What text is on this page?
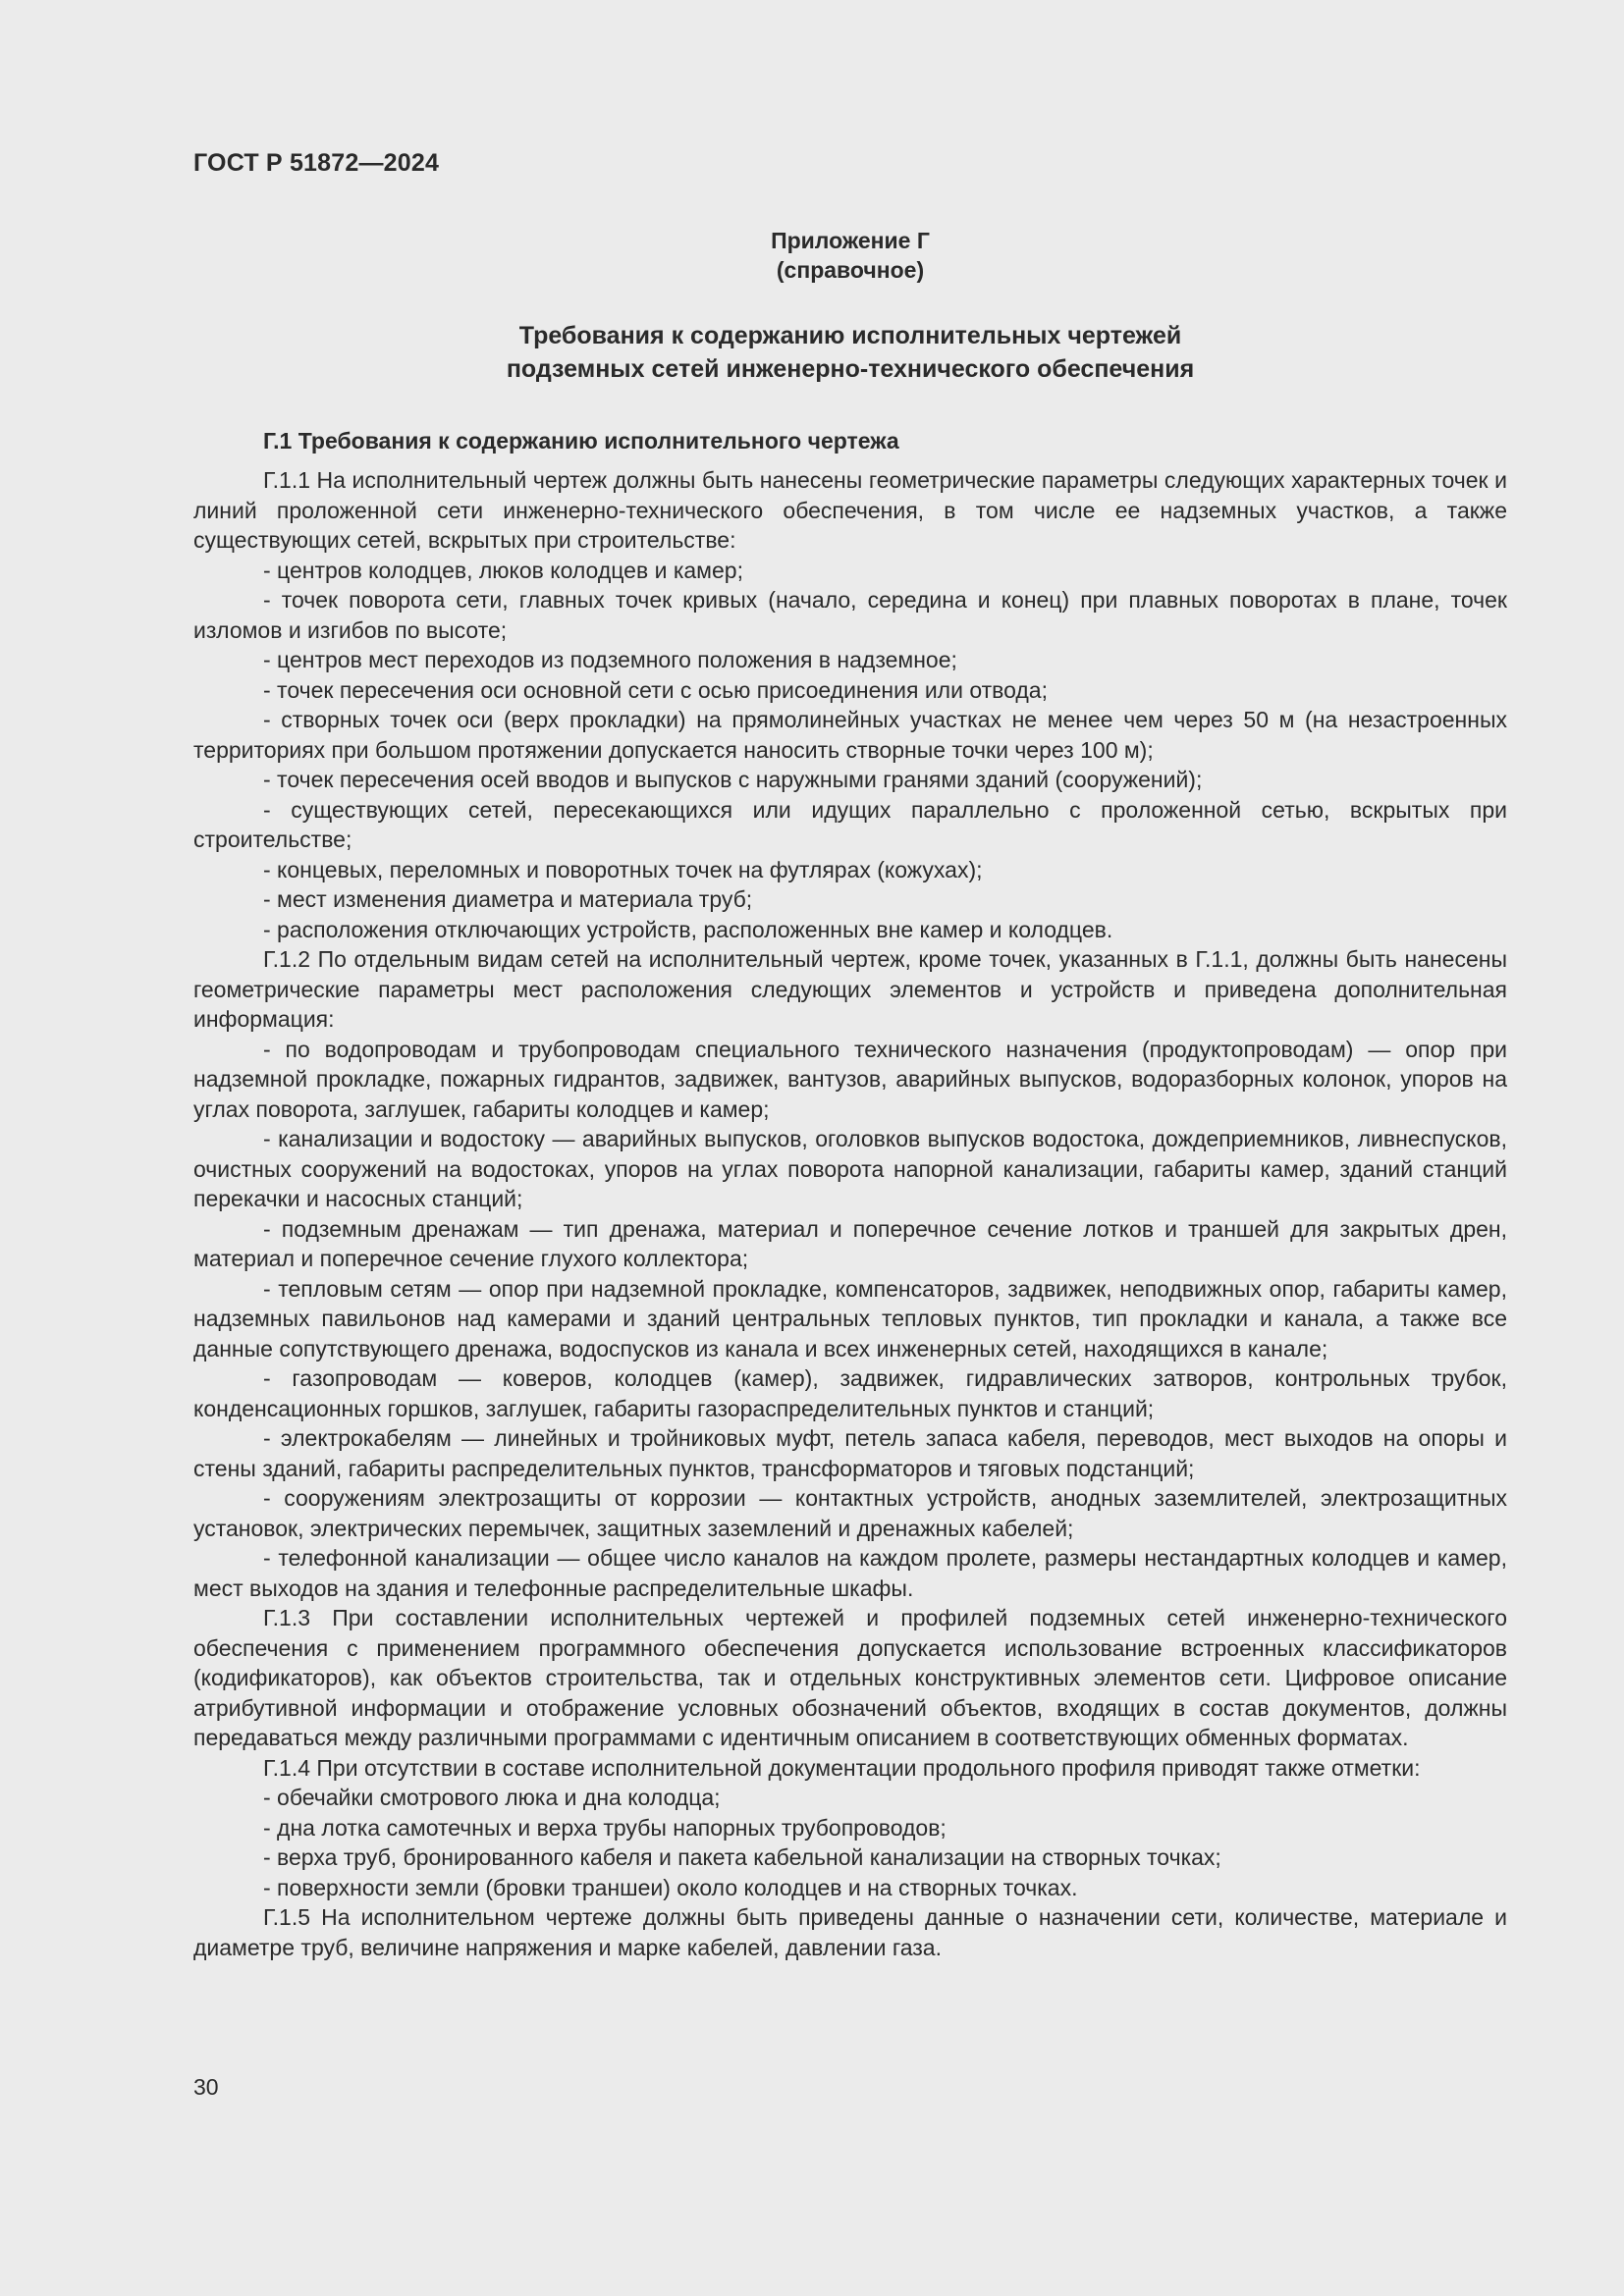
ГОСТ Р 51872—2024
Приложение Г
(справочное)
Требования к содержанию исполнительных чертежей
подземных сетей инженерно-технического обеспечения
Г.1 Требования к содержанию исполнительного чертежа

Г.1.1 На исполнительный чертеж должны быть нанесены геометрические параметры следующих характерных точек и линий проложенной сети инженерно-технического обеспечения, в том числе ее надземных участков, а также существующих сетей, вскрытых при строительстве:

- центров колодцев, люков колодцев и камер;

- точек поворота сети, главных точек кривых (начало, середина и конец) при плавных поворотах в плане, точек изломов и изгибов по высоте;

- центров мест переходов из подземного положения в надземное;

- точек пересечения оси основной сети с осью присоединения или отвода;

- створных точек оси (верх прокладки) на прямолинейных участках не менее чем через 50 м (на незастроенных территориях при большом протяжении допускается наносить створные точки через 100 м);

- точек пересечения осей вводов и выпусков с наружными гранями зданий (сооружений);

- существующих сетей, пересекающихся или идущих параллельно с проложенной сетью, вскрытых при строительстве;

- концевых, переломных и поворотных точек на футлярах (кожухах);

- мест изменения диаметра и материала труб;

- расположения отключающих устройств, расположенных вне камер и колодцев.

Г.1.2 По отдельным видам сетей на исполнительный чертеж, кроме точек, указанных в Г.1.1, должны быть нанесены геометрические параметры мест расположения следующих элементов и устройств и приведена дополнительная информация:

- по водопроводам и трубопроводам специального технического назначения (продуктопроводам) — опор при надземной прокладке, пожарных гидрантов, задвижек, вантузов, аварийных выпусков, водоразборных колонок, упоров на углах поворота, заглушек, габариты колодцев и камер;

- канализации и водостоку — аварийных выпусков, оголовков выпусков водостока, дождеприемников, ливнеспусков, очистных сооружений на водостоках, упоров на углах поворота напорной канализации, габариты камер, зданий станций перекачки и насосных станций;

- подземным дренажам — тип дренажа, материал и поперечное сечение лотков и траншей для закрытых дрен, материал и поперечное сечение глухого коллектора;

- тепловым сетям — опор при надземной прокладке, компенсаторов, задвижек, неподвижных опор, габариты камер, надземных павильонов над камерами и зданий центральных тепловых пунктов, тип прокладки и канала, а также все данные сопутствующего дренажа, водоспусков из канала и всех инженерных сетей, находящихся в канале;

- газопроводам — коверов, колодцев (камер), задвижек, гидравлических затворов, контрольных трубок, конденсационных горшков, заглушек, габариты газораспределительных пунктов и станций;

- электрокабелям — линейных и тройниковых муфт, петель запаса кабеля, переводов, мест выходов на опоры и стены зданий, габариты распределительных пунктов, трансформаторов и тяговых подстанций;

- сооружениям электрозащиты от коррозии — контактных устройств, анодных заземлителей, электрозащитных установок, электрических перемычек, защитных заземлений и дренажных кабелей;

- телефонной канализации — общее число каналов на каждом пролете, размеры нестандартных колодцев и камер, мест выходов на здания и телефонные распределительные шкафы.

Г.1.3 При составлении исполнительных чертежей и профилей подземных сетей инженерно-технического обеспечения с применением программного обеспечения допускается использование встроенных классификаторов (кодификаторов), как объектов строительства, так и отдельных конструктивных элементов сети. Цифровое описание атрибутивной информации и отображение условных обозначений объектов, входящих в состав документов, должны передаваться между различными программами с идентичным описанием в соответствующих обменных форматах.

Г.1.4 При отсутствии в составе исполнительной документации продольного профиля приводят также отметки:

- обечайки смотрового люка и дна колодца;

- дна лотка самотечных и верха трубы напорных трубопроводов;

- верха труб, бронированного кабеля и пакета кабельной канализации на створных точках;

- поверхности земли (бровки траншеи) около колодцев и на створных точках.

Г.1.5 На исполнительном чертеже должны быть приведены данные о назначении сети, количестве, материале и диаметре труб, величине напряжения и марке кабелей, давлении газа.

30
